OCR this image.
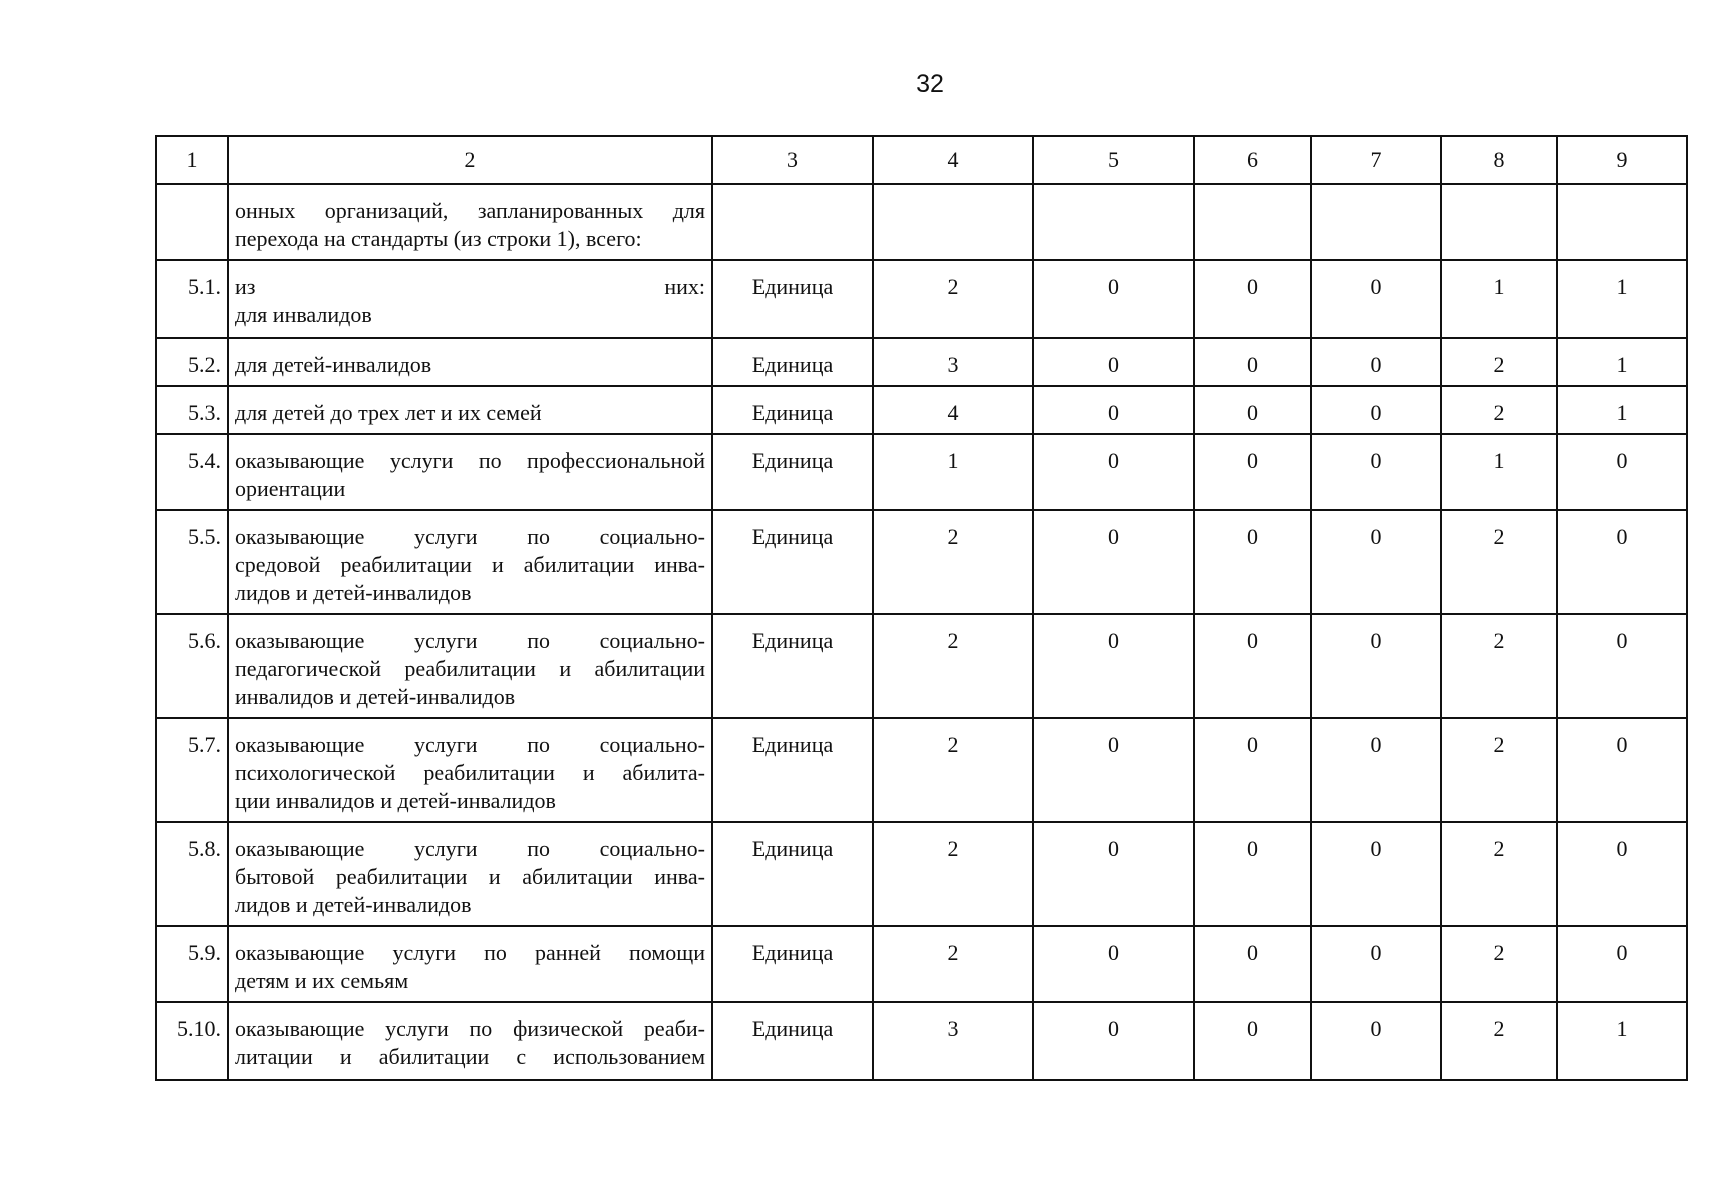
32
1	2	3	4	5	6	7	8	9

	онных организаций, запланированных для
перехода на стандарты (из строки 1), всего:							

5.1.	из них:
для инвалидов	Единица	2	0	0	0	1	1
5.2.	для детей-инвалидов	Единица	3	0	0	0	2	1
5.3.	для детей до трех лет и их семей	Единица	4	0	0	0	2	1
5.4.	оказывающие услуги по профессиональной
ориентации	Единица	1	0	0	0	1	0
5.5.	оказывающие услуги по социально-
средовой реабилитации и абилитации инва-
лидов и детей-инвалидов	Единица	2	0	0	0	2	0
5.6.	оказывающие услуги по социально-
педагогической реабилитации и абилитации
инвалидов и детей-инвалидов	Единица	2	0	0	0	2	0
5.7.	оказывающие услуги по социально-
психологической реабилитации и абилита-
ции инвалидов и детей-инвалидов	Единица	2	0	0	0	2	0
5.8.	оказывающие услуги по социально-
бытовой реабилитации и абилитации инва-
лидов и детей-инвалидов	Единица	2	0	0	0	2	0
5.9.	оказывающие услуги по ранней помощи
детям и их семьям	Единица	2	0	0	0	2	0
5.10.	оказывающие услуги по физической реаби-
литации и абилитации с использованием	Единица	3	0	0	0	2	1
